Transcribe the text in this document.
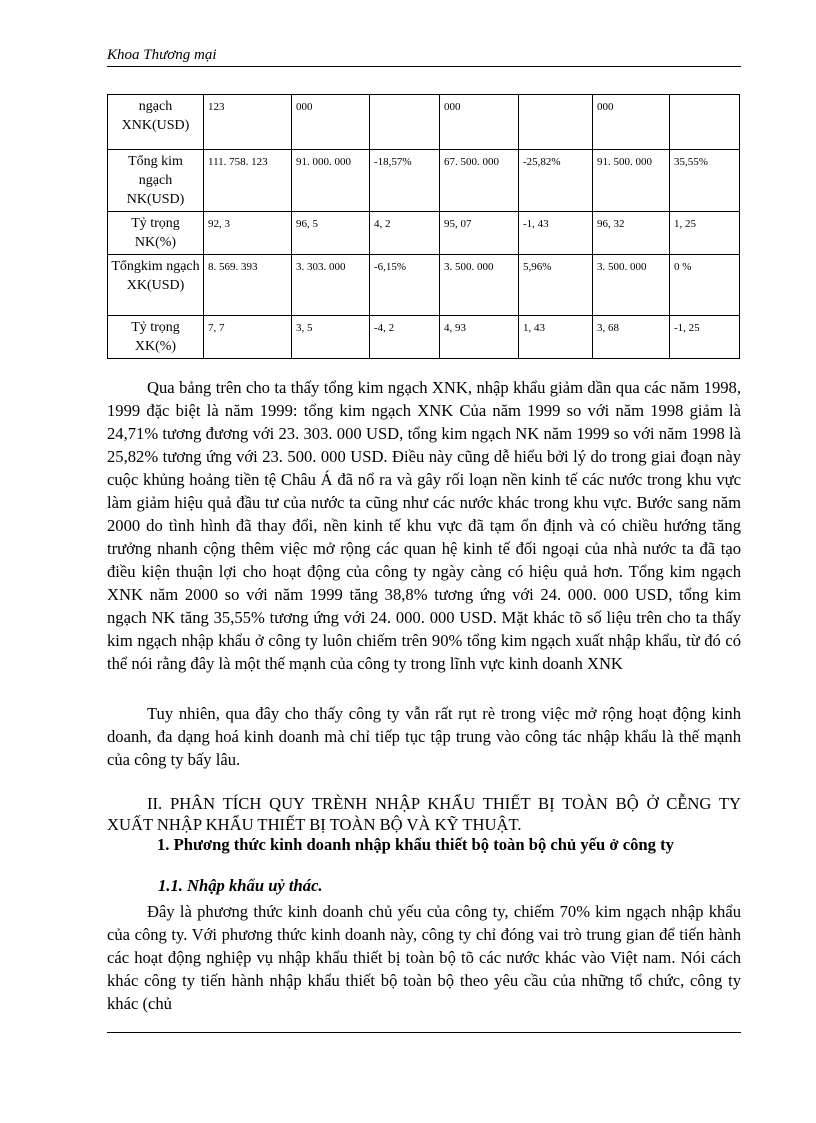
Khoa Thương mại
ngạch XNK(USD)	123	000		000		000	
Tổng kim ngạch NK(USD)	111. 758. 123	91. 000. 000	-18,57%	67. 500. 000	-25,82%	91. 500. 000	35,55%
Tỷ trọng NK(%)	92, 3	96, 5	4, 2	95, 07	-1, 43	96, 32	1, 25
Tổngkim ngạch XK(USD)	8. 569. 393	3. 303. 000	-6,15%	3. 500. 000	5,96%	3. 500. 000	0 %
Tỷ trọng XK(%)	7, 7	3, 5	-4, 2	4, 93	1, 43	3, 68	-1, 25

Qua bảng trên cho ta thấy tổng kim ngạch XNK, nhập khẩu giảm dần qua các năm 1998, 1999 đặc biệt là năm 1999: tổng kim ngạch XNK Của năm 1999 so với năm 1998 giảm là 24,71% tương đương với 23. 303. 000 USD, tổng kim ngạch NK năm 1999 so với năm 1998 là 25,82% tương ứng với 23. 500. 000 USD. Điều này cũng dễ hiểu bởi lý do trong giai đoạn này cuộc khủng hoảng tiền tệ Châu Á đã nổ ra và gây rối loạn nền kinh tế các nước trong khu vực làm giảm hiệu quả đầu tư của nước ta cũng như các nước khác trong khu vực. Bước sang năm 2000 do tình hình đã thay đổi, nền kinh tế khu vực đã tạm ổn định và có chiều hướng tăng trưởng nhanh cộng thêm việc mở rộng các quan hệ kinh tế đối ngoại của nhà nước ta đã tạo điều kiện thuận lợi cho hoạt động của công ty ngày càng có hiệu quả hơn. Tổng kim ngạch XNK năm 2000 so với năm 1999 tăng 38,8% tương ứng với 24. 000. 000 USD, tổng kim ngạch NK tăng 35,55% tương ứng với 24. 000. 000 USD. Mặt khác tõ số liệu trên cho ta thấy kim ngạch nhập khẩu ở công ty luôn chiếm trên 90% tổng kim ngạch xuất nhập khẩu, từ đó có thể nói rằng đây là một thế mạnh của công ty trong lĩnh vực kinh doanh XNK

Tuy nhiên, qua đây cho thấy công ty vẫn rất rụt rè trong việc mở rộng hoạt động kinh doanh, đa dạng hoá kinh doanh mà chỉ tiếp tục tập trung vào công tác nhập khẩu là thế mạnh của công ty bấy lâu.

II. PHÂN TÍCH QUY TRÈNH NHẬP KHẨU THIẾT BỊ TOÀN BỘ Ở CỄNG TY XUẤT NHẬP KHẨU THIẾT BỊ TOÀN BỘ VÀ KỸ THUẬT.

1. Phương thức kinh doanh nhập khẩu thiết bộ toàn bộ chủ yếu ở công ty

1.1. Nhập khẩu uỷ thác.

Đây là phương thức kinh doanh chủ yếu của công ty, chiếm 70% kim ngạch nhập khẩu của công ty. Với phương thức kinh doanh này, công ty chỉ đóng vai trò trung gian để tiến hành các hoạt động nghiệp vụ nhập khẩu thiết bị toàn bộ tõ các nước khác vào Việt nam. Nói cách khác công ty tiến hành nhập khẩu thiết bộ toàn bộ theo yêu cầu của những tổ chức, công ty khác (chủ
